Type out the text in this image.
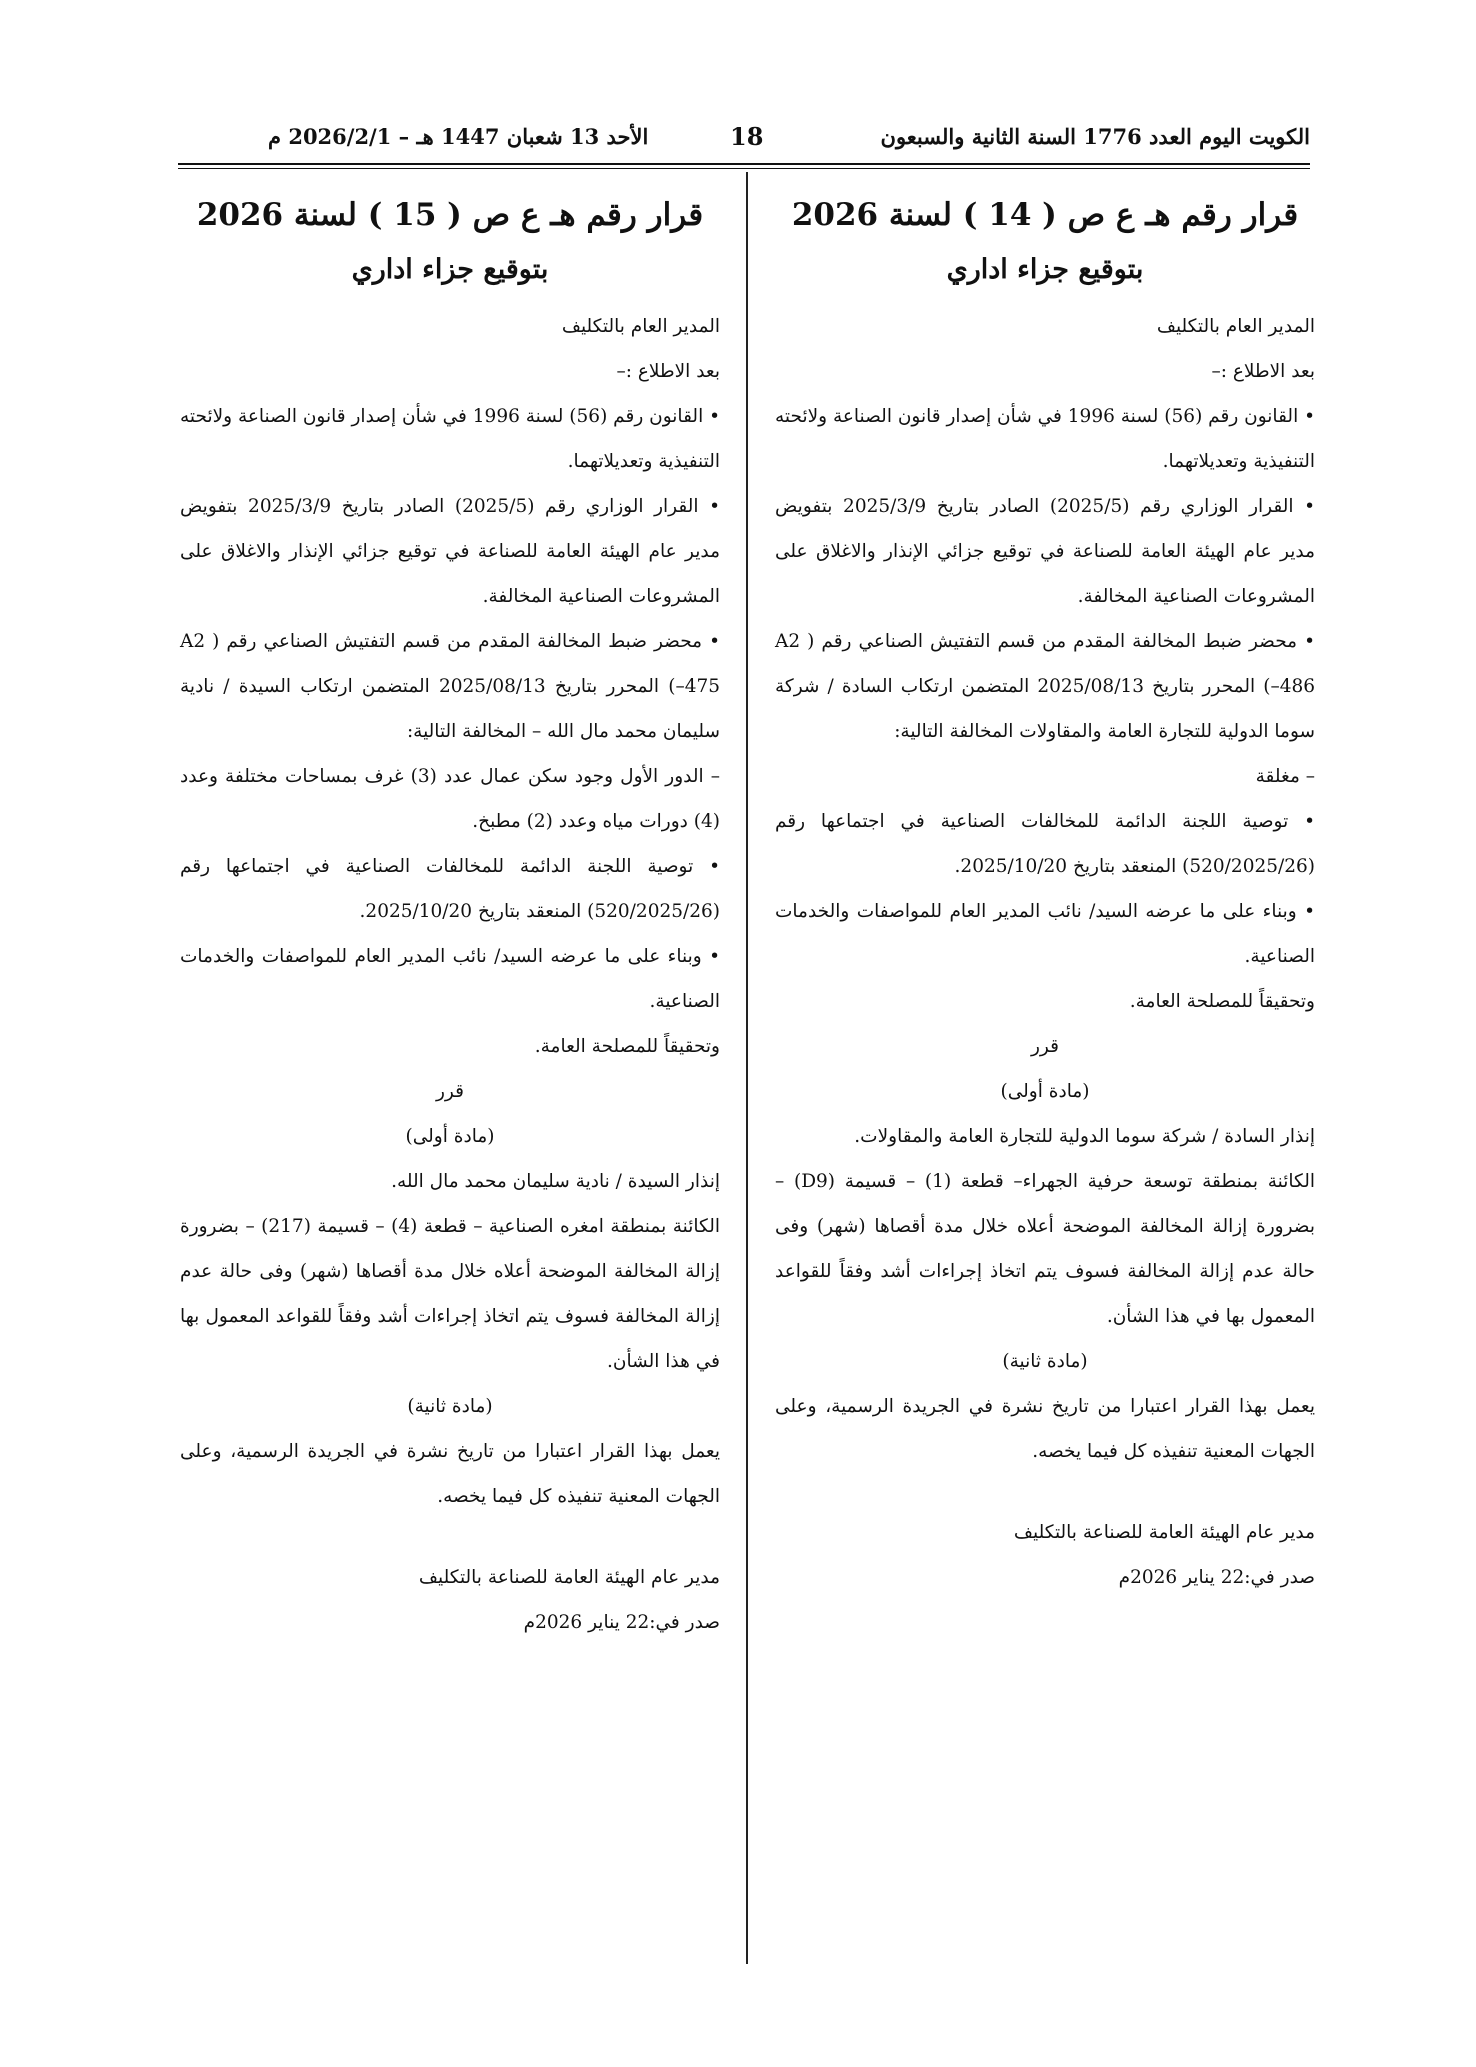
الكويت اليوم العدد 1776 السنة الثانية والسبعون
18
الأحد 13 شعبان 1447 هـ – 2026/2/1 م

قرار رقم هـ ع ص ( 14 ) لسنة 2026

بتوقيع جزاء اداري

المدير العام بالتكليف

بعد الاطلاع :–

• القانون رقم (56) لسنة 1996 في شأن إصدار قانون الصناعة ولائحته التنفيذية وتعديلاتهما.

• القرار الوزاري رقم (2025/5) الصادر بتاريخ 2025/3/9 بتفويض مدير عام الهيئة العامة للصناعة في توقيع جزائي الإنذار والاغلاق على المشروعات الصناعية المخالفة.

• محضر ضبط المخالفة المقدم من قسم التفتيش الصناعي رقم ( A2 –486) المحرر بتاريخ 2025/08/13 المتضمن ارتكاب السادة / شركة سوما الدولية للتجارة العامة والمقاولات المخالفة التالية:

– مغلقة

• توصية اللجنة الدائمة للمخالفات الصناعية في اجتماعها رقم (520/2025/26) المنعقد بتاريخ 2025/10/20.

• وبناء على ما عرضه السيد/ نائب المدير العام للمواصفات والخدمات الصناعية.

وتحقيقاً للمصلحة العامة.

قرر

(مادة أولى)

إنذار السادة / شركة سوما الدولية للتجارة العامة والمقاولات.

الكائنة بمنطقة توسعة حرفية الجهراء– قطعة (1) – قسيمة (D9) – بضرورة إزالة المخالفة الموضحة أعلاه خلال مدة أقصاها (شهر) وفى حالة عدم إزالة المخالفة فسوف يتم اتخاذ إجراءات أشد وفقاً للقواعد المعمول بها في هذا الشأن.

(مادة ثانية)

يعمل بهذا القرار اعتبارا من تاريخ نشرة في الجريدة الرسمية، وعلى الجهات المعنية تنفيذه كل فيما يخصه.

مدير عام الهيئة العامة للصناعة بالتكليف

صدر في:22 يناير 2026م

قرار رقم هـ ع ص ( 15 ) لسنة 2026

بتوقيع جزاء اداري

المدير العام بالتكليف

بعد الاطلاع :–

• القانون رقم (56) لسنة 1996 في شأن إصدار قانون الصناعة ولائحته التنفيذية وتعديلاتهما.

• القرار الوزاري رقم (2025/5) الصادر بتاريخ 2025/3/9 بتفويض مدير عام الهيئة العامة للصناعة في توقيع جزائي الإنذار والاغلاق على المشروعات الصناعية المخالفة.

• محضر ضبط المخالفة المقدم من قسم التفتيش الصناعي رقم ( A2 –475) المحرر بتاريخ 2025/08/13 المتضمن ارتكاب السيدة / نادية سليمان محمد مال الله – المخالفة التالية:

– الدور الأول وجود سكن عمال عدد (3) غرف بمساحات مختلفة وعدد (4) دورات مياه وعدد (2) مطبخ.

• توصية اللجنة الدائمة للمخالفات الصناعية في اجتماعها رقم (520/2025/26) المنعقد بتاريخ 2025/10/20.

• وبناء على ما عرضه السيد/ نائب المدير العام للمواصفات والخدمات الصناعية.

وتحقيقاً للمصلحة العامة.

قرر

(مادة أولى)

إنذار السيدة / نادية سليمان محمد مال الله.

الكائنة بمنطقة امغره الصناعية – قطعة (4) – قسيمة (217) – بضرورة إزالة المخالفة الموضحة أعلاه خلال مدة أقصاها (شهر) وفى حالة عدم إزالة المخالفة فسوف يتم اتخاذ إجراءات أشد وفقاً للقواعد المعمول بها في هذا الشأن.

(مادة ثانية)

يعمل بهذا القرار اعتبارا من تاريخ نشرة في الجريدة الرسمية، وعلى الجهات المعنية تنفيذه كل فيما يخصه.

مدير عام الهيئة العامة للصناعة بالتكليف

صدر في:22 يناير 2026م
